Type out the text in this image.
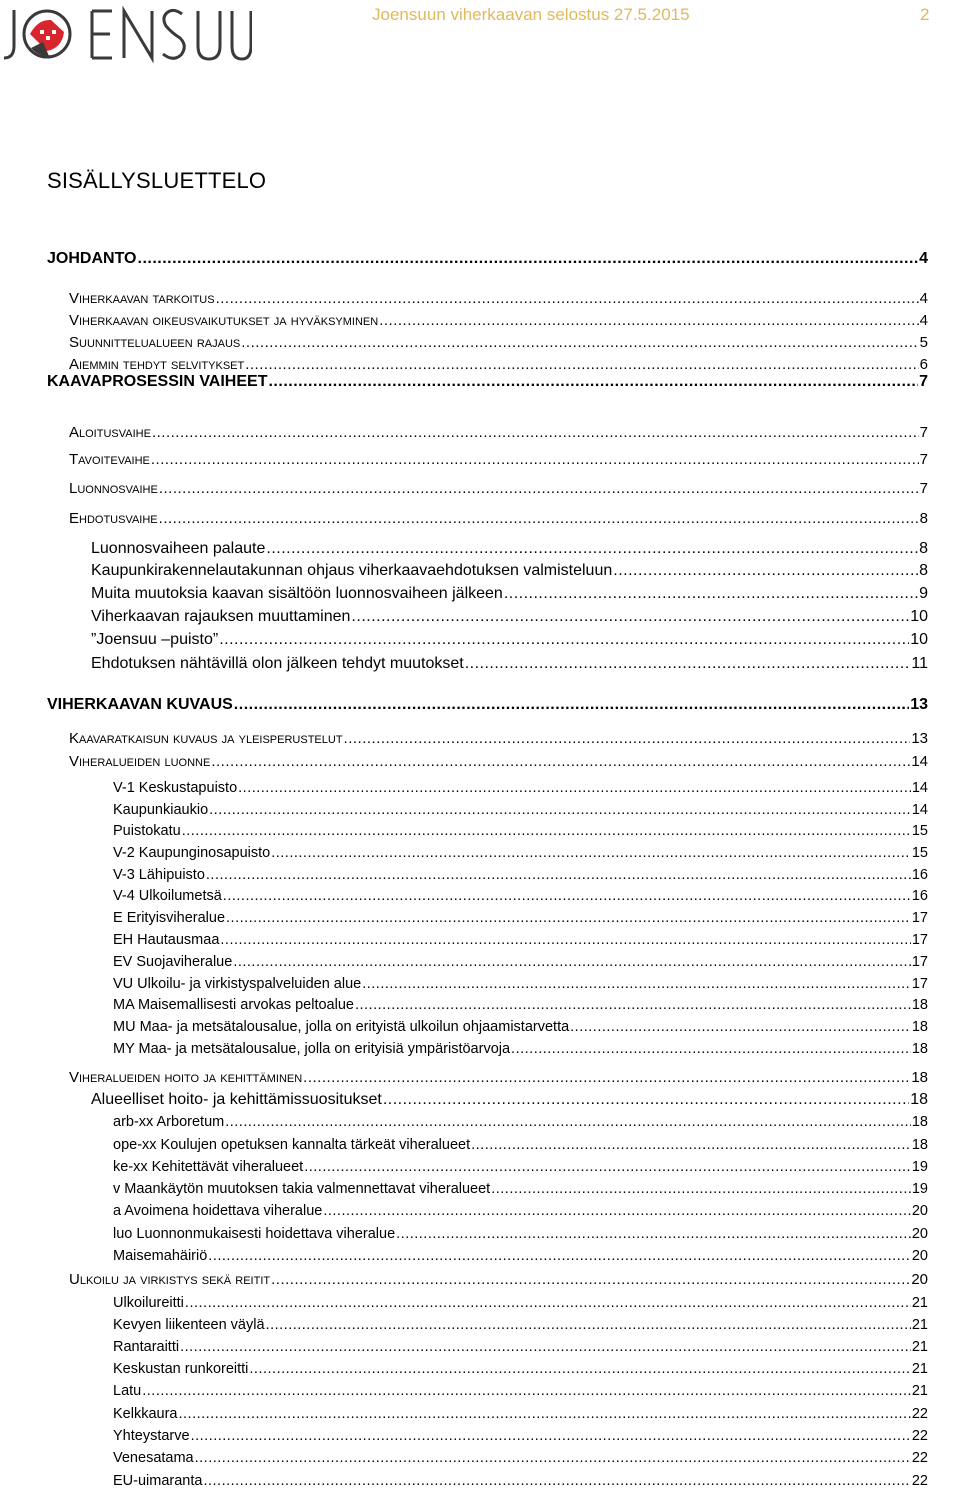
Joensuun viherkaavan selostus 27.5.2015	2
SISÄLLYSLUETTELO
JOHDANTO .....	4
Viherkaavan tarkoitus .....	4
Viherkaavan oikeusvaikutukset ja hyväksyminen .....	4
Suunnittelualueen rajaus .....	5
Aiemmin tehdyt selvitykset .....	6
KAAVAPROSESSIN VAIHEET .....	7
Aloitusvaihe .....	7
Tavoitevaihe .....	7
Luonnosvaihe .....	7
Ehdotusvaihe .....	8
Luonnosvaiheen palaute .....	8
Kaupunkirakennelautakunnan ohjaus viherkaavaehdotuksen valmisteluun .....	8
Muita muutoksia kaavan sisältöön luonnosvaiheen jälkeen .....	9
Viherkaavan rajauksen muuttaminen .....	10
”Joensuu –puisto” .....	10
Ehdotuksen nähtävillä olon jälkeen tehdyt muutokset .....	11
VIHERKAAVAN KUVAUS .....	13
Kaavaratkaisun kuvaus ja yleisperustelut .....	13
Viheralueiden luonne .....	14
V-1 Keskustapuisto .....	14
Kaupunkiaukio .....	14
Puistokatu .....	15
V-2 Kaupunginosapuisto .....	15
V-3 Lähipuisto .....	16
V-4 Ulkoilumetsä .....	16
E Erityisviheralue .....	17
EH Hautausmaa .....	17
EV Suojaviheralue .....	17
VU Ulkoilu- ja virkistyspalveluiden alue .....	17
MA Maisemallisesti arvokas peltoalue .....	18
MU Maa- ja metsätalousalue, jolla on erityistä ulkoilun ohjaamistarvetta .....	18
MY Maa- ja metsätalousalue, jolla on erityisiä ympäristöarvoja .....	18
Viheralueiden hoito ja kehittäminen .....	18
Alueelliset hoito- ja kehittämissuositukset .....	18
arb-xx Arboretum .....	18
ope-xx Koulujen opetuksen kannalta tärkeät viheralueet .....	18
ke-xx Kehitettävät viheralueet .....	19
v Maankäytön muutoksen takia valmennettavat viheralueet .....	19
a Avoimena hoidettava viheralue .....	20
luo Luonnonmukaisesti hoidettava viheralue .....	20
Maisemahäiriö .....	20
Ulkoilu ja virkistys sekä reitit .....	20
Ulkoilureitti .....	21
Kevyen liikenteen väylä .....	21
Rantaraitti .....	21
Keskustan runkoreitti .....	21
Latu .....	21
Kelkkaura .....	22
Yhteystarve .....	22
Venesatama .....	22
EU-uimaranta .....	22
